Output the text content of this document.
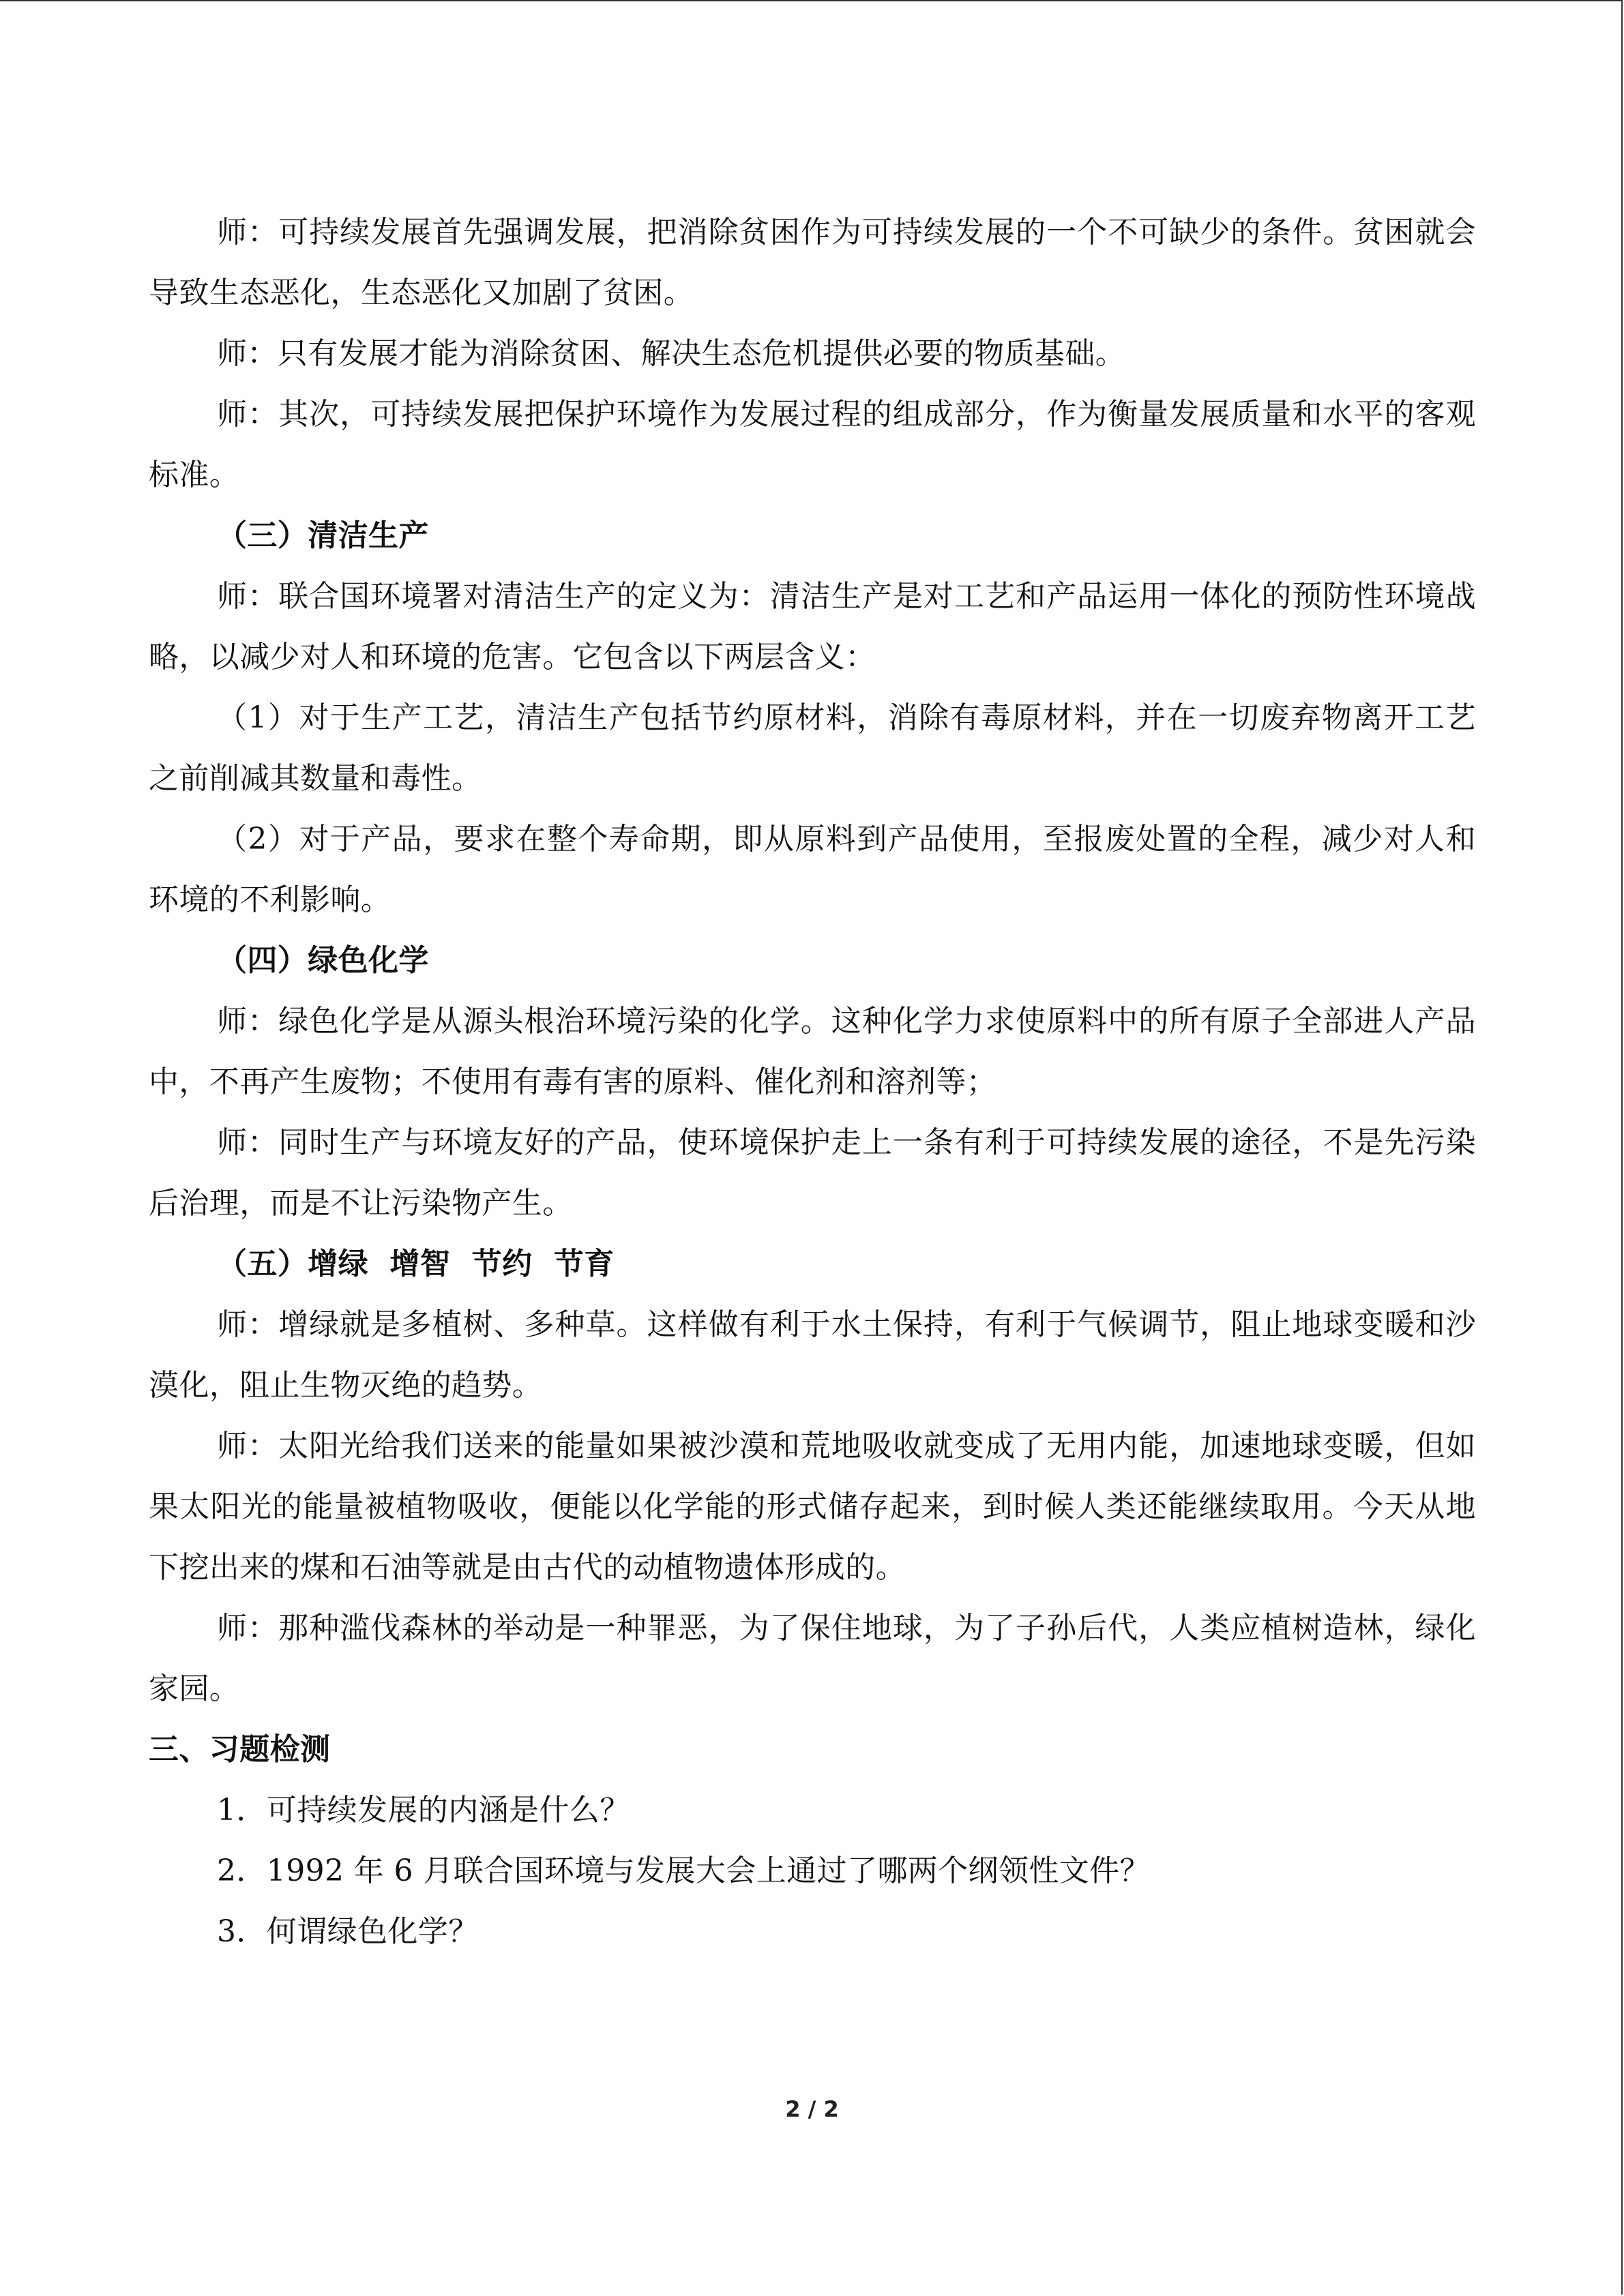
师：可持续发展首先强调发展，把消除贫困作为可持续发展的一个不可缺少的条件。贫困就会导致生态恶化，生态恶化又加剧了贫困。

师：只有发展才能为消除贫困、解决生态危机提供必要的物质基础。

师：其次，可持续发展把保护环境作为发展过程的组成部分，作为衡量发展质量和水平的客观标准。

（三）清洁生产

师：联合国环境署对清洁生产的定义为：清洁生产是对工艺和产品运用一体化的预防性环境战略，以减少对人和环境的危害。它包含以下两层含义：

（1）对于生产工艺，清洁生产包括节约原材料，消除有毒原材料，并在一切废弃物离开工艺之前削减其数量和毒性。

（2）对于产品，要求在整个寿命期，即从原料到产品使用，至报废处置的全程，减少对人和环境的不利影响。

（四）绿色化学

师：绿色化学是从源头根治环境污染的化学。这种化学力求使原料中的所有原子全部进人产品中，不再产生废物；不使用有毒有害的原料、催化剂和溶剂等；

师：同时生产与环境友好的产品，使环境保护走上一条有利于可持续发展的途径，不是先污染后治理，而是不让污染物产生。

（五）增绿  增智  节约  节育

师：增绿就是多植树、多种草。这样做有利于水土保持，有利于气候调节，阻止地球变暖和沙漠化，阻止生物灭绝的趋势。

师：太阳光给我们送来的能量如果被沙漠和荒地吸收就变成了无用内能，加速地球变暖，但如果太阳光的能量被植物吸收，便能以化学能的形式储存起来，到时候人类还能继续取用。今天从地下挖出来的煤和石油等就是由古代的动植物遗体形成的。

师：那种滥伐森林的举动是一种罪恶，为了保住地球，为了子孙后代，人类应植树造林，绿化家园。

三、习题检测

1．可持续发展的内涵是什么？

2．1992 年 6 月联合国环境与发展大会上通过了哪两个纲领性文件？

3．何谓绿色化学？

2 / 2
